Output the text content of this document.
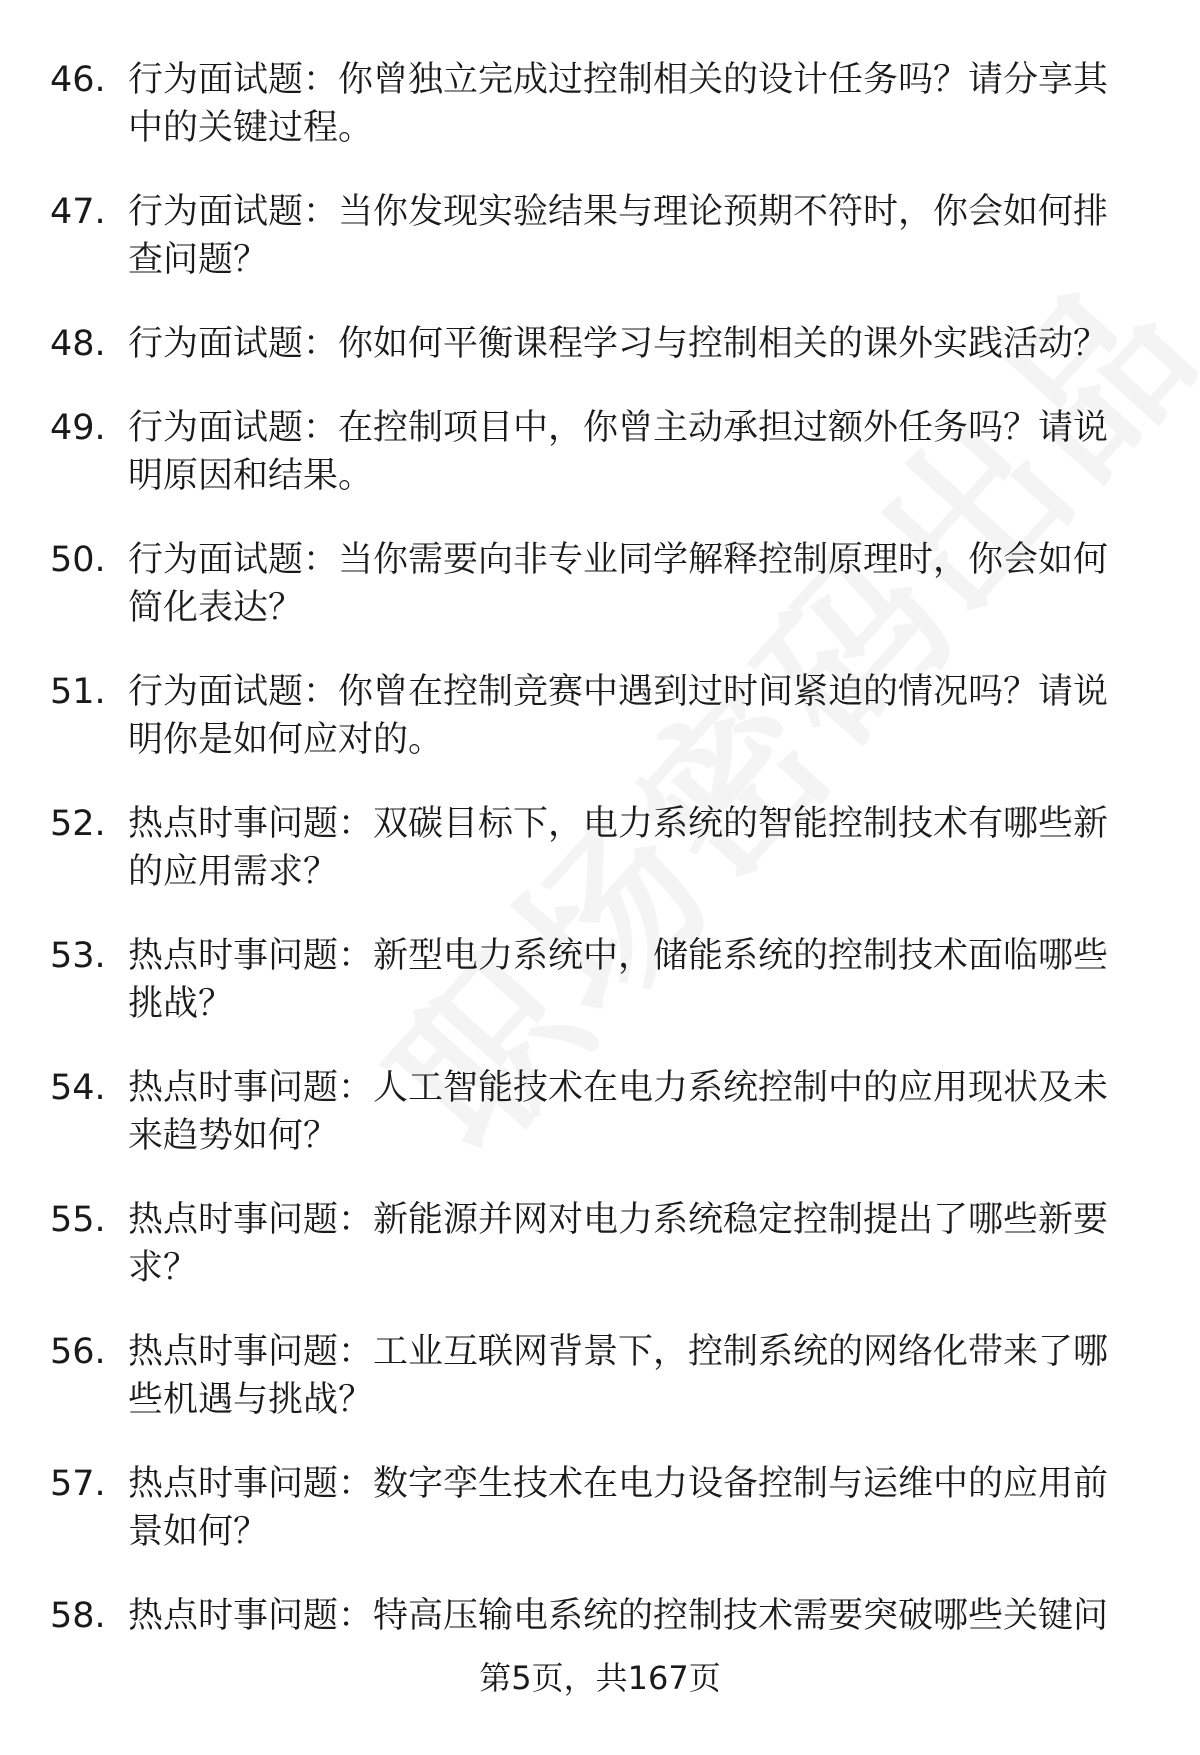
46. 行为面试题：你曾独立完成过控制相关的设计任务吗？请分享其中的关键过程。
47. 行为面试题：当你发现实验结果与理论预期不符时，你会如何排查问题？
48. 行为面试题：你如何平衡课程学习与控制相关的课外实践活动？
49. 行为面试题：在控制项目中，你曾主动承担过额外任务吗？请说明原因和结果。
50. 行为面试题：当你需要向非专业同学解释控制原理时，你会如何简化表达？
51. 行为面试题：你曾在控制竞赛中遇到过时间紧迫的情况吗？请说明你是如何应对的。
52. 热点时事问题：双碳目标下，电力系统的智能控制技术有哪些新的应用需求？
53. 热点时事问题：新型电力系统中，储能系统的控制技术面临哪些挑战？
54. 热点时事问题：人工智能技术在电力系统控制中的应用现状及未来趋势如何？
55. 热点时事问题：新能源并网对电力系统稳定控制提出了哪些新要求？
56. 热点时事问题：工业互联网背景下，控制系统的网络化带来了哪些机遇与挑战？
57. 热点时事问题：数字孪生技术在电力设备控制与运维中的应用前景如何？
58. 热点时事问题：特高压输电系统的控制技术需要突破哪些关键问
第5页，共167页
